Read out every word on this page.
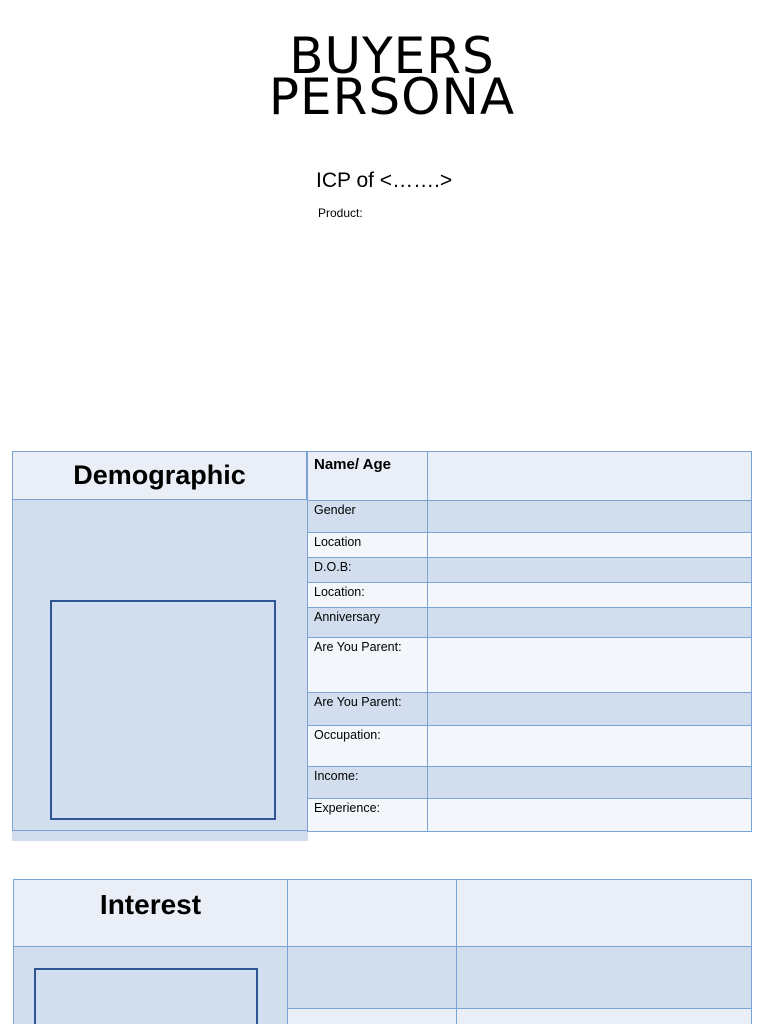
BUYERS
PERSONA
ICP of <…….>
Product:
Demographic	Name/ Age	
Gender	
Location	
D.O.B:	
Location:	
Anniversary	
Are You Parent:	
Are You Parent:	
Occupation:	
Income:	
Experience:	
Interest		
